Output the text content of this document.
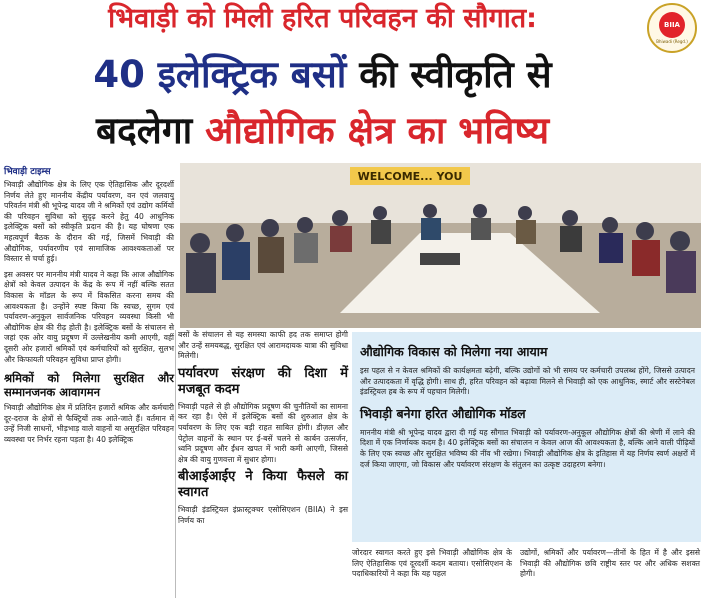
भिवाड़ी को मिली हरित परिवहन की सौगात:
40 इलेक्ट्रिक बसों की स्वीकृति से
बदलेगा औद्योगिक क्षेत्र का भविष्य
BIIA
Bhiwadi (Regd.)
WELCOME... YOU
भिवाड़ी टाइम्स

भिवाड़ी औद्योगिक क्षेत्र के लिए एक ऐतिहासिक और दूरदर्शी निर्णय लेते हुए माननीय केंद्रीय पर्यावरण, वन एवं जलवायु परिवर्तन मंत्री श्री भूपेन्द्र यादव जी ने श्रमिकों एवं उद्योग कर्मियों की परिवहन सुविधा को सुदृढ़ करने हेतु 40 आधुनिक इलेक्ट्रिक बसों को स्वीकृति प्रदान की है। यह घोषणा एक महत्वपूर्ण बैठक के दौरान की गई, जिसमें भिवाड़ी की औद्योगिक, पर्यावरणीय एवं सामाजिक आवश्यकताओं पर विस्तार से चर्चा हुई।

इस अवसर पर माननीय मंत्री यादव ने कहा कि आज औद्योगिक क्षेत्रों को केवल उत्पादन के केंद्र के रूप में नहीं बल्कि सतत विकास के मॉडल के रूप में विकसित करना समय की आवश्यकता है। उन्होंने स्पष्ट किया कि स्वच्छ, सुगम एवं पर्यावरण-अनुकूल सार्वजनिक परिवहन व्यवस्था किसी भी औद्योगिक क्षेत्र की रीढ़ होती है। इलेक्ट्रिक बसों के संचालन से जहां एक ओर वायु प्रदूषण में उल्लेखनीय कमी आएगी, वहीं दूसरी ओर हजारों श्रमिकों एवं कर्मचारियों को सुरक्षित, सुलभ और किफायती परिवहन सुविधा प्राप्त होगी।

श्रमिकों को मिलेगा सुरक्षित और सम्मानजनक आवागमन

भिवाड़ी औद्योगिक क्षेत्र में प्रतिदिन हजारों श्रमिक और कर्मचारी दूर-दराज के क्षेत्रों से फैक्ट्रियों तक आते-जाते हैं। वर्तमान में उन्हें निजी साधनों, भीड़भाड़ वाले वाहनों या असुरक्षित परिवहन व्यवस्था पर निर्भर रहना पड़ता है। 40 इलेक्ट्रिक

बसों के संचालन से यह समस्या काफी हद तक समाप्त होगी और उन्हें समयबद्ध, सुरक्षित एवं आरामदायक यात्रा की सुविधा मिलेगी।

पर्यावरण संरक्षण की दिशा में मजबूत कदम

भिवाड़ी पहले से ही औद्योगिक प्रदूषण की चुनौतियों का सामना कर रहा है। ऐसे में इलेक्ट्रिक बसों की शुरुआत क्षेत्र के पर्यावरण के लिए एक बड़ी राहत साबित होगी। डीज़ल और पेट्रोल वाहनों के स्थान पर ई-बसें चलने से कार्बन उत्सर्जन, ध्वनि प्रदूषण और ईंधन खपत में भारी कमी आएगी, जिससे क्षेत्र की वायु गुणवत्ता में सुधार होगा।

बीआईआईए ने किया फैसले का स्वागत

भिवाड़ी इंडस्ट्रियल इंफ्रास्ट्रक्चर एसोसिएशन (BIIA) ने इस निर्णय का

औद्योगिक विकास को मिलेगा नया आयाम

इस पहल से न केवल श्रमिकों की कार्यक्षमता बढ़ेगी, बल्कि उद्योगों को भी समय पर कर्मचारी उपलब्ध होंगे, जिससे उत्पादन और उत्पादकता में वृद्धि होगी। साथ ही, हरित परिवहन को बढ़ावा मिलने से भिवाड़ी को एक आधुनिक, स्मार्ट और सस्टेनेबल इंडस्ट्रियल हब के रूप में पहचान मिलेगी।

भिवाड़ी बनेगा हरित औद्योगिक मॉडल

माननीय मंत्री श्री भूपेन्द्र यादव द्वारा दी गई यह सौगात भिवाड़ी को पर्यावरण-अनुकूल औद्योगिक क्षेत्रों की श्रेणी में लाने की दिशा में एक निर्णायक कदम है। 40 इलेक्ट्रिक बसों का संचालन न केवल आज की आवश्यकता है, बल्कि आने वाली पीढ़ियों के लिए एक स्वच्छ और सुरक्षित भविष्य की नींव भी रखेगा। भिवाड़ी औद्योगिक क्षेत्र के इतिहास में यह निर्णय स्वर्ण अक्षरों में दर्ज किया जाएगा, जो विकास और पर्यावरण संरक्षण के संतुलन का उत्कृष्ट उदाहरण बनेगा।

जोरदार स्वागत करते हुए इसे भिवाड़ी औद्योगिक क्षेत्र के लिए ऐतिहासिक एवं दूरदर्शी कदम बताया। एसोसिएशन के पदाधिकारियों ने कहा कि यह पहल
उद्योगों, श्रमिकों और पर्यावरण—तीनों के हित में है और इससे भिवाड़ी की औद्योगिक छवि राष्ट्रीय स्तर पर और अधिक सशक्त होगी।
